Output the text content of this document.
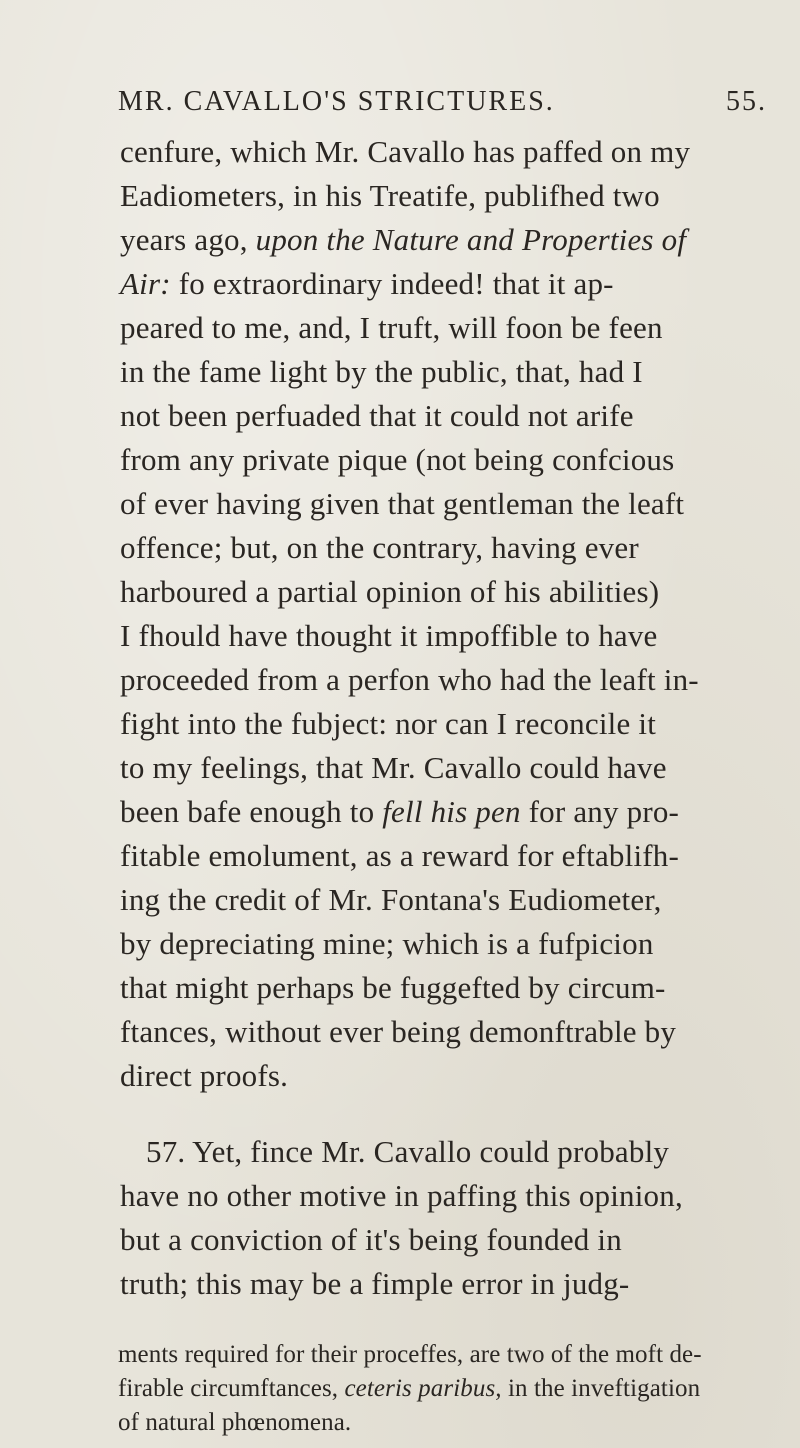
MR. CAVALLO'S STRICTURES.	55.
cenfure, which Mr. Cavallo has paffed on my
Eadiometers, in his Treatife, publifhed two
years ago, upon the Nature and Properties of
Air: fo extraordinary indeed! that it ap-
peared to me, and, I truft, will foon be feen
in the fame light by the public, that, had I
not been perfuaded that it could not arife
from any private pique (not being confcious
of ever having given that gentleman the leaft
offence; but, on the contrary, having ever
harboured a partial opinion of his abilities)
I fhould have thought it impoffible to have
proceeded from a perfon who had the leaft in-
fight into the fubject: nor can I reconcile it
to my feelings, that Mr. Cavallo could have
been bafe enough to fell his pen for any pro-
fitable emolument, as a reward for eftablifh-
ing the credit of Mr. Fontana's Eudiometer,
by depreciating mine; which is a fufpicion
that might perhaps be fuggefted by circum-
ftances, without ever being demonftrable by
direct proofs.
57. Yet, fince Mr. Cavallo could probably
have no other motive in paffing this opinion,
but a conviction of it's being founded in
truth; this may be a fimple error in judg-
ments required for their proceffes, are two of the moft de-
firable circumftances, ceteris paribus, in the inveftigation
of natural phœnomena.
